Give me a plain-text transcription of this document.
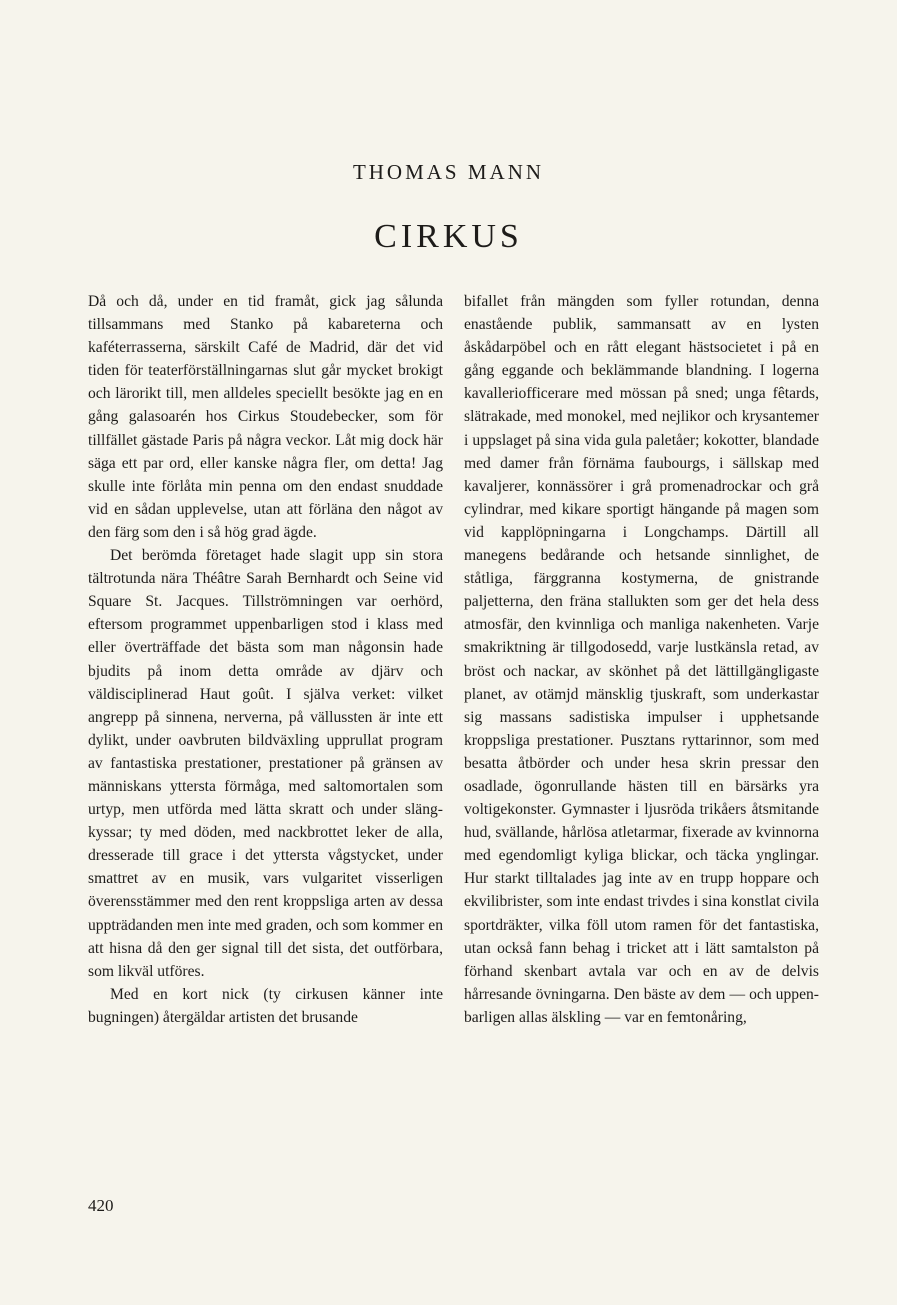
THOMAS MANN
CIRKUS

Då och då, under en tid framåt, gick jag sålunda tillsammans med Stanko på kabareterna och kaféterrasserna, särskilt Café de Madrid, där det vid tiden för teaterförställningarnas slut går mycket brokigt och lärorikt till, men alldeles speciellt besökte jag en en gång galasoarén hos Cirkus Stoudebecker, som för tillfället gästade Paris på några veckor. Låt mig dock här säga ett par ord, eller kanske några fler, om detta! Jag skulle inte förlåta min penna om den endast snuddade vid en sådan upplevelse, utan att förläna den något av den färg som den i så hög grad ägde.

Det berömda företaget hade slagit upp sin stora tältrotunda nära Théâtre Sarah Bernhardt och Seine vid Square St. Jacques. Tillströmningen var oerhörd, eftersom programmet uppenbarligen stod i klass med eller överträffade det bästa som man någonsin hade bjudits på inom detta område av djärv och väldisciplinerad Haut goût. I själva verket: vilket angrepp på sinnena, nerverna, på vällussten är inte ett dylikt, under oavbruten bildväxling upprullat program av fantastiska prestationer, prestationer på gränsen av människans yttersta förmåga, med saltomortalen som urtyp, men utförda med lätta skratt och under slängkyssar; ty med döden, med nackbrottet leker de alla, dresserade till grace i det yttersta vågstycket, under smattret av en musik, vars vulgaritet visserligen överensstämmer med den rent kroppsliga arten av dessa uppträdanden men inte med graden, och som kommer en att hisna då den ger signal till det sista, det outförbara, som likväl utföres.

Med en kort nick (ty cirkusen känner inte bugningen) återgäldar artisten det brusande

bifallet från mängden som fyller rotundan, denna enastående publik, sammansatt av en lysten åskådarpöbel och en rått elegant hästsocietet i på en gång eggande och beklämmande blandning. I logerna kavalleriofficerare med mössan på sned; unga fêtards, slätrakade, med monokel, med nejlikor och krysantemer i uppslaget på sina vida gula paletåer; kokotter, blandade med damer från förnäma faubourgs, i sällskap med kavaljerer, konnässörer i grå promenadrockar och grå cylindrar, med kikare sportigt hängande på magen som vid kapplöpningarna i Longchamps. Därtill all manegens bedårande och hetsande sinnlighet, de ståtliga, färggranna kostymerna, de gnistrande paljetterna, den fräna stallukten som ger det hela dess atmosfär, den kvinnliga och manliga nakenheten. Varje smakriktning är tillgodosedd, varje lustkänsla retad, av bröst och nackar, av skönhet på det lättillgängligaste planet, av otämjd mänsklig tjuskraft, som underkastar sig massans sadistiska impulser i upphetsande kroppsliga prestationer. Pusztans ryttarinnor, som med besatta åtbörder och under hesa skrin pressar den osadlade, ögonrullande hästen till en bärsärks yra voltigekonster. Gymnaster i ljusröda trikåers åtsmitande hud, svällande, hårlösa atletarmar, fixerade av kvinnorna med egendomligt kyliga blickar, och täcka ynglingar. Hur starkt tilltalades jag inte av en trupp hoppare och ekvilibrister, som inte endast trivdes i sina konstlat civila sportdräkter, vilka föll utom ramen för det fantastiska, utan också fann behag i tricket att i lätt samtalston på förhand skenbart avtala var och en av de delvis hårresande övningarna. Den bäste av dem — och uppenbarligen allas älskling — var en femtonåring,

420
